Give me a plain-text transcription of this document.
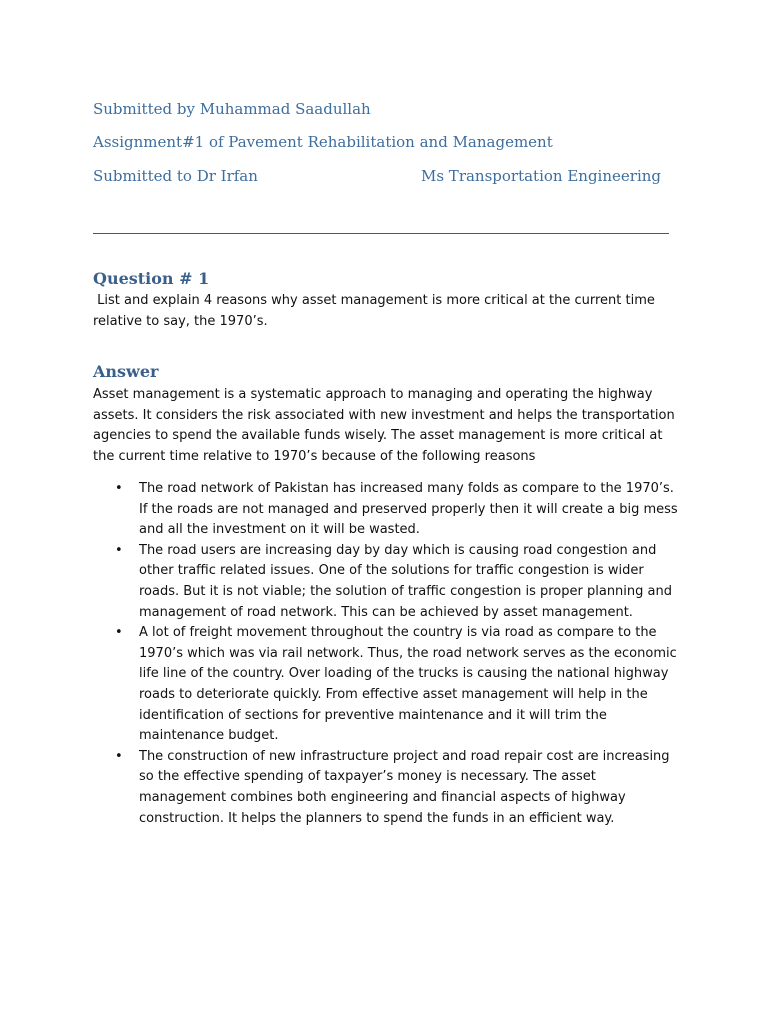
Submitted by Muhammad Saadullah
Assignment#1 of Pavement Rehabilitation and Management
Submitted to Dr Irfan	Ms Transportation Engineering
Question # 1

List and explain 4 reasons why asset management is more critical at the current time relative to say, the 1970’s.

Answer

Asset management is a systematic approach to managing and operating the highway assets. It considers the risk associated with new investment and helps the transportation agencies to spend the available funds wisely. The asset management is more critical at the current time relative to 1970’s because of the following reasons

• The road network of Pakistan has increased many folds as compare to the 1970’s. If the roads are not managed and preserved properly then it will create a big mess and all the investment on it will be wasted.
• The road users are increasing day by day which is causing road congestion and other traffic related issues. One of the solutions for traffic congestion is wider roads. But it is not viable; the solution of traffic congestion is proper planning and management of road network. This can be achieved by asset management.
• A lot of freight movement throughout the country is via road as compare to the 1970’s which was via rail network. Thus, the road network serves as the economic life line of the country. Over loading of the trucks is causing the national highway roads to deteriorate quickly. From effective asset management will help in the identification of sections for preventive maintenance and it will trim the maintenance budget.
• The construction of new infrastructure project and road repair cost are increasing so the effective spending of taxpayer’s money is necessary. The asset management combines both engineering and financial aspects of highway construction. It helps the planners to spend the funds in an efficient way.
